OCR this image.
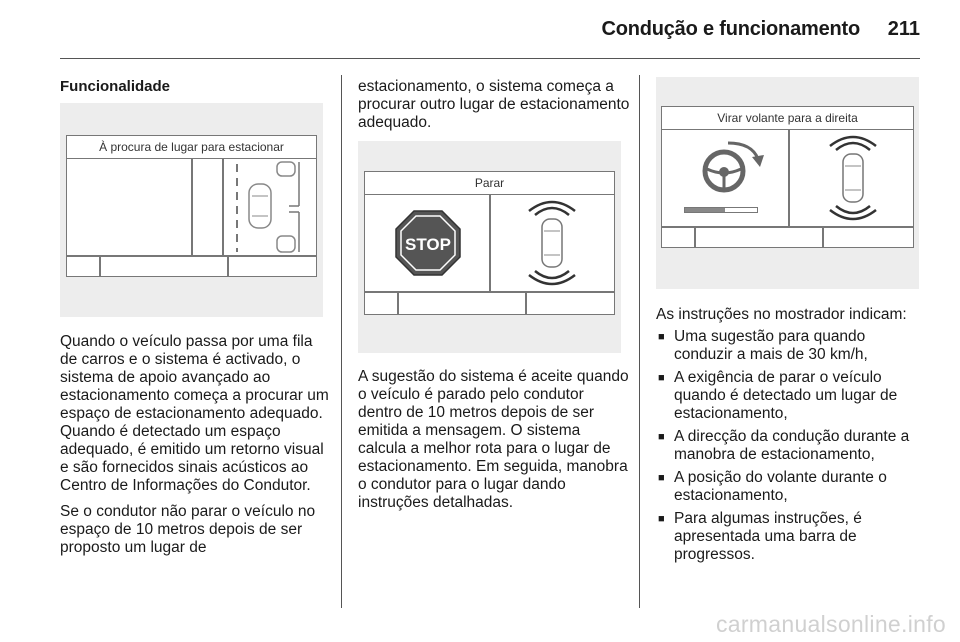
Condução e funcionamento 211
Funcionalidade
À procura de lugar para estacionar

Quando o veículo passa por uma fila de carros e o sistema é activado, o sistema de apoio avançado ao estacionamento começa a procurar um espaço de estacionamento adequado. Quando é detectado um espaço adequado, é emitido um retorno visual e são fornecidos sinais acústicos ao Centro de Informações do Condutor.

Se o condutor não parar o veículo no espaço de 10 metros depois de ser proposto um lugar de

estacionamento, o sistema começa a procurar outro lugar de estacionamento adequado.

Parar
STOP

A sugestão do sistema é aceite quando o veículo é parado pelo condutor dentro de 10 metros depois de ser emitida a mensagem. O sistema calcula a melhor rota para o lugar de estacionamento. Em seguida, manobra o condutor para o lugar dando instruções detalhadas.

Virar volante para a direita

As instruções no mostrador indicam:

■ Uma sugestão para quando conduzir a mais de 30 km/h,
■ A exigência de parar o veículo quando é detectado um lugar de estacionamento,
■ A direcção da condução durante a manobra de estacionamento,
■ A posição do volante durante o estacionamento,
■ Para algumas instruções, é apresentada uma barra de progressos.
carmanualsonline.info
